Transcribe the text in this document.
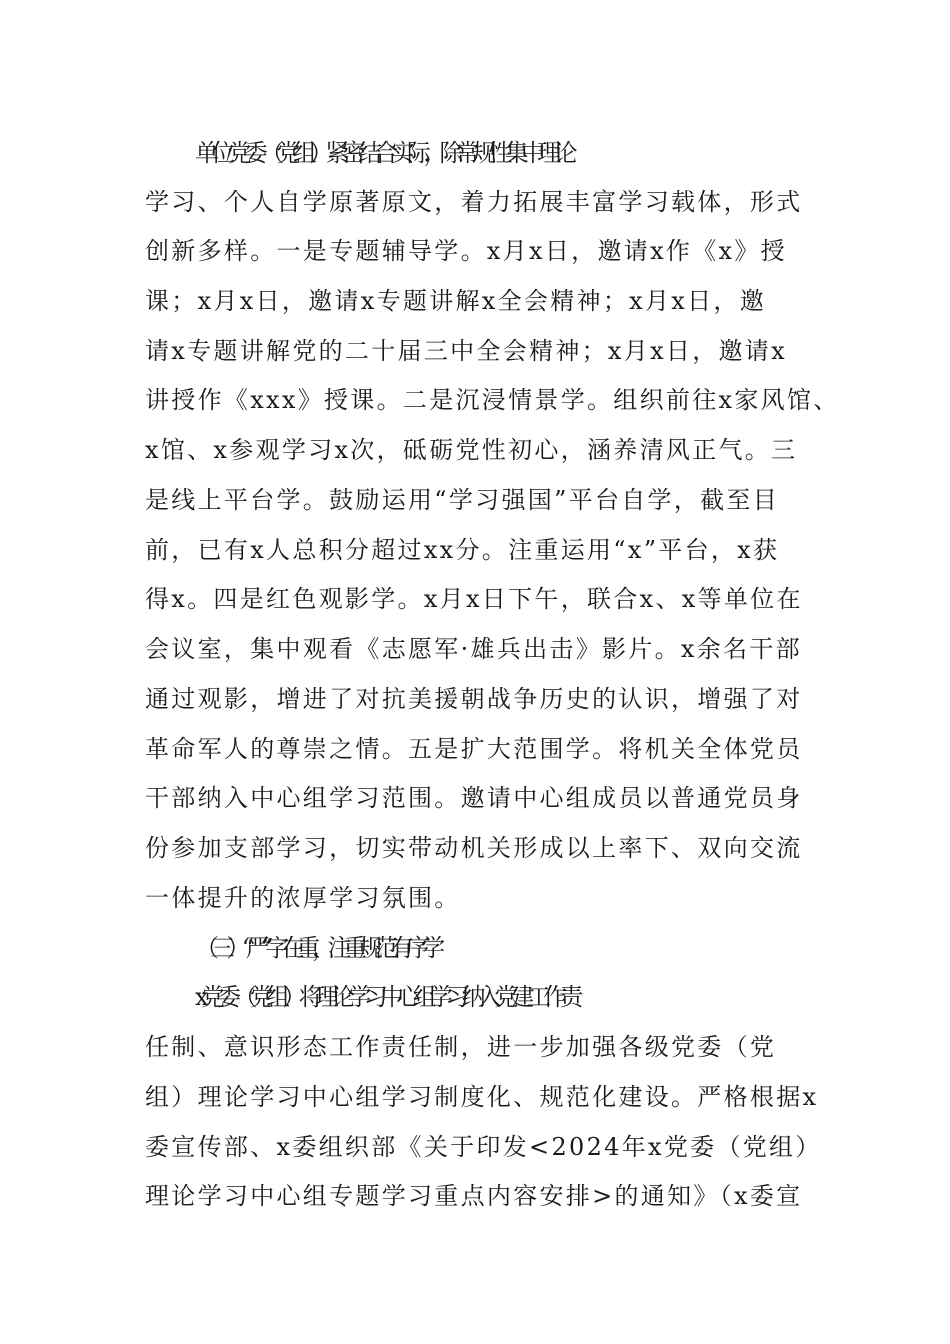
单位党委（党组）紧密结合实际，除常规性集中理论
学习、个人自学原著原文，着力拓展丰富学习载体，形式
创新多样。一是专题辅导学。x月x日，邀请x作《x》授
课；x月x日，邀请x专题讲解x全会精神；x月x日，邀
请x专题讲解党的二十届三中全会精神；x月x日，邀请x
讲授作《xxx》授课。二是沉浸情景学。组织前往x家风馆、
x馆、x参观学习x次，砥砺党性初心，涵养清风正气。三
是线上平台学。鼓励运用“学习强国”平台自学，截至目
前，已有x人总积分超过xx分。注重运用“x”平台，x获
得x。四是红色观影学。x月x日下午，联合x、x等单位在
会议室，集中观看《志愿军·雄兵出击》影片。x余名干部
通过观影，增进了对抗美援朝战争历史的认识，增强了对
革命军人的尊崇之情。五是扩大范围学。将机关全体党员
干部纳入中心组学习范围。邀请中心组成员以普通党员身
份参加支部学习，切实带动机关形成以上率下、双向交流
一体提升的浓厚学习氛围。
（三）“严”字在重，注重规范有序学
x党委（党组）将理论学习中心组学习纳入党建工作责
任制、意识形态工作责任制，进一步加强各级党委（党
组）理论学习中心组学习制度化、规范化建设。严格根据x
委宣传部、x委组织部《关于印发<2024年x党委（党组）
理论学习中心组专题学习重点内容安排>的通知》（x委宣
